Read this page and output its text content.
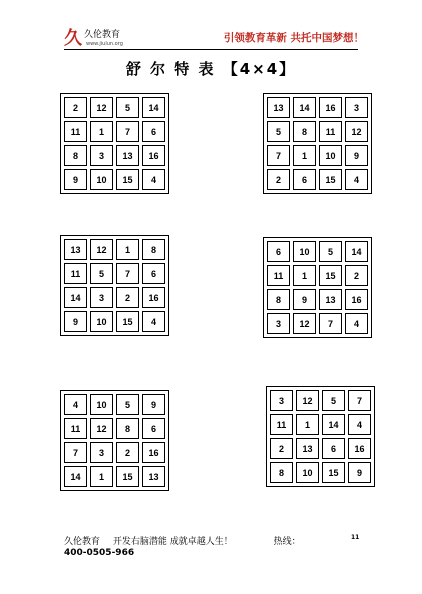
久 久伦教育
www.jiulun.org	引领教育革新 共托中国梦想！
舒 尔 特 表 【4×4】
2	12	5	14
11	1	7	6
8	3	13	16
9	10	15	4
13	14	16	3
5	8	11	12
7	1	10	9
2	6	15	4
13	12	1	8
11	5	7	6
14	3	2	16
9	10	15	4
6	10	5	14
11	1	15	2
8	9	13	16
3	12	7	4
4	10	5	9
11	12	8	6
7	3	2	16
14	1	15	13
3	12	5	7
11	1	14	4
2	13	6	16
8	10	15	9
久伦教育 开发右脑潜能 成就卓越人生！	热线：
400-0505-966
11
